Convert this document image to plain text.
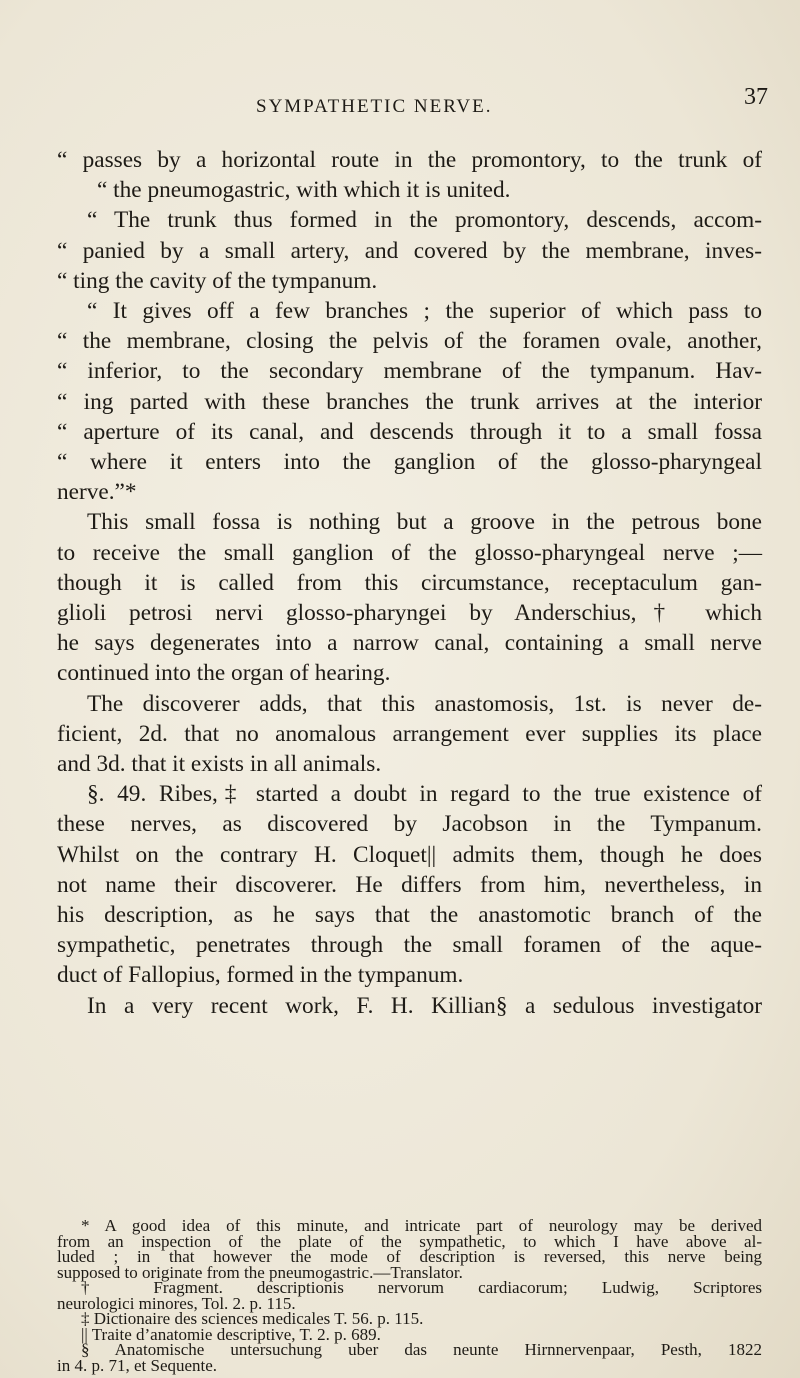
SYMPATHETIC NERVE.	37

“ passes by a horizontal route in the promontory, to the trunk of

“ the pneumogastric, with which it is united.

“ The trunk thus formed in the promontory, descends, accom-

“ panied by a small artery, and covered by the membrane, inves-

“ ting the cavity of the tympanum.

“ It gives off a few branches ; the superior of which pass to

“ the membrane, closing the pelvis of the foramen ovale, another,

“ inferior, to the secondary membrane of the tympanum. Hav-

“ ing parted with these branches the trunk arrives at the interior

“ aperture of its canal, and descends through it to a small fossa

“ where it enters into the ganglion of the glosso-pharyngeal

nerve.”*

This small fossa is nothing but a groove in the petrous bone

to receive the small ganglion of the glosso-pharyngeal nerve ;—

though it is called from this circumstance, receptaculum gan-

glioli petrosi nervi glosso-pharyngei by Anderschius,† which

he says degenerates into a narrow canal, containing a small nerve

continued into the organ of hearing.

The discoverer adds, that this anastomosis, 1st. is never de-

ficient, 2d. that no anomalous arrangement ever supplies its place

and 3d. that it exists in all animals.

§. 49. Ribes,‡ started a doubt in regard to the true existence of

these nerves, as discovered by Jacobson in the Tympanum.

Whilst on the contrary H. Cloquet|| admits them, though he does

not name their discoverer. He differs from him, nevertheless, in

his description, as he says that the anastomotic branch of the

sympathetic, penetrates through the small foramen of the aque-

duct of Fallopius, formed in the tympanum.

In a very recent work, F. H. Killian§ a sedulous investigator

* A good idea of this minute, and intricate part of neurology may be derived

from an inspection of the plate of the sympathetic, to which I have above al-

luded ; in that however the mode of description is reversed, this nerve being

supposed to originate from the pneumogastric.—Translator.

† Fragment. descriptionis nervorum cardiacorum; Ludwig, Scriptores

neurologici minores, Tol. 2. p. 115.

‡ Dictionaire des sciences medicales T. 56. p. 115.

|| Traite d’anatomie descriptive, T. 2. p. 689.

§ Anatomische untersuchung uber das neunte Hirnnervenpaar, Pesth, 1822

in 4. p. 71, et Sequente.
